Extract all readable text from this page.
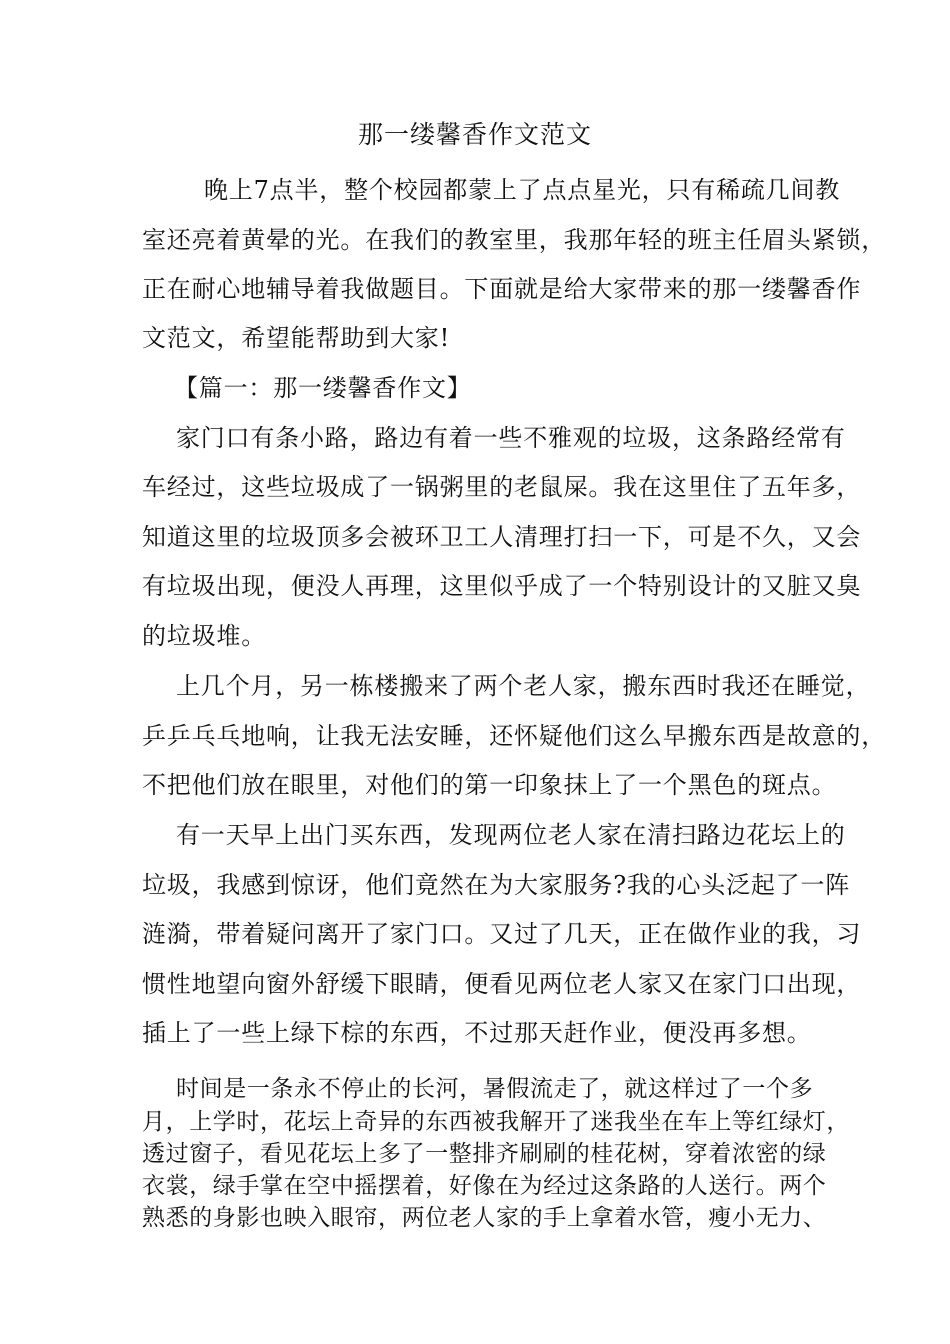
那一缕馨香作文范文
晚上7点半，整个校园都蒙上了点点星光，只有稀疏几间教
室还亮着黄晕的光。在我们的教室里，我那年轻的班主任眉头紧锁，
正在耐心地辅导着我做题目。下面就是给大家带来的那一缕馨香作
文范文，希望能帮助到大家!
【篇一：那一缕馨香作文】
家门口有条小路，路边有着一些不雅观的垃圾，这条路经常有
车经过，这些垃圾成了一锅粥里的老鼠屎。我在这里住了五年多，
知道这里的垃圾顶多会被环卫工人清理打扫一下，可是不久，又会
有垃圾出现，便没人再理，这里似乎成了一个特别设计的又脏又臭
的垃圾堆。
上几个月，另一栋楼搬来了两个老人家，搬东西时我还在睡觉，
乒乒乓乓地响，让我无法安睡，还怀疑他们这么早搬东西是故意的，
不把他们放在眼里，对他们的第一印象抹上了一个黑色的斑点。
有一天早上出门买东西，发现两位老人家在清扫路边花坛上的
垃圾，我感到惊讶，他们竟然在为大家服务?我的心头泛起了一阵
涟漪，带着疑问离开了家门口。又过了几天，正在做作业的我，习
惯性地望向窗外舒缓下眼睛，便看见两位老人家又在家门口出现，
插上了一些上绿下棕的东西，不过那天赶作业，便没再多想。
时间是一条永不停止的长河，暑假流走了，就这样过了一个多
月，上学时，花坛上奇异的东西被我解开了迷我坐在车上等红绿灯，
透过窗子，看见花坛上多了一整排齐刷刷的桂花树，穿着浓密的绿
衣裳，绿手掌在空中摇摆着，好像在为经过这条路的人送行。两个
熟悉的身影也映入眼帘，两位老人家的手上拿着水管，瘦小无力、
